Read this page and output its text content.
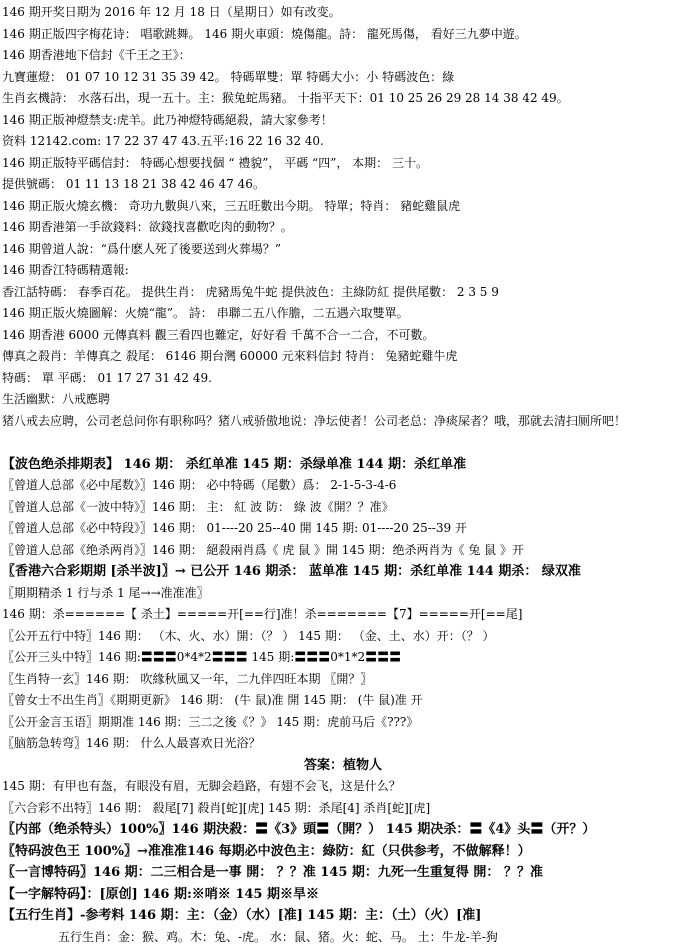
146 期开奖日期为 2016 年 12 月 18 日（星期日）如有改变。
146 期正版四字梅花诗： 唱歌跳舞。 146 期火車頭：燒傷龍。詩： 龍死馬傷， 看好三九夢中遊。
146 期香港地下信封《千王之王》：
九寶蓮燈： 01 07 10 12 31 35 39 42。 特碼單雙：單 特碼大小：小 特碼波色：綠
生肖玄機詩： 水落石出，現一五十。主：猴兔蛇馬豬。 十指平天下：01 10 25 26 29 28 14 38 42 49。
146 期正版神燈禁支:虎羊。此乃神燈特碼絕殺，請大家參考！
资料 12142.com: 17 22 37 47 43.五平:16 22 16 32 40.
146 期正版特平碼信封： 特碼心想要找個 “ 禮貌”， 平碼 “四”， 本期： 三十。
提供號碼： 01 11 13 18 21 38 42 46 47 46。
146 期正版火燒玄機： 奇功九數與八來，三五旺數出今期。 特單；特肖： 豬蛇雞鼠虎
146 期香港第一手欲錢料：欲錢找喜歡吃肉的動物？。
146 期曾道人說：“爲什麽人死了後要送到火葬場？”
146 期香江特碼精選報:
香江話特碼： 春季百花。 提供生肖： 虎豬馬兔牛蛇 提供波色：主綠防紅 提供尾數： 2 3 5 9
146 期正版火燒圖解：火燒“龍”。 詩： 串聯二五八作膽，二五遇六取雙單。
146 期香港 6000 元傳真料 觀三看四也難定，好好看 千萬不合一二合，不可數。
傳真之殺肖：羊傳真之 殺尾： 6146 期台灣 60000 元來料信封 特肖： 兔豬蛇雞牛虎
特碼： 單 平碼： 01 17 27 31 42 49.
生活幽默：八戒應聘
猪八戒去应聘，公司老总问你有职称吗？猪八戒骄傲地说：净坛使者！公司老总：净痰屎者？哦，那就去清扫厕所吧！
【波色绝杀排期表】 146 期： 杀红单准 145 期：杀绿单准 144 期：杀红单准
〖曾道人总部《必中尾数》〗146 期： 必中特碼（尾數）爲： 2-1-5-3-4-6
〖曾道人总部《一波中特》〗146 期： 主： 紅 波 防： 綠 波《開？？准》
〖曾道人总部《必中特段》〗146 期： 01----20 25--40 開 145 期: 01----20 25--39 开
〖曾道人总部《绝杀两肖》〗146 期： 絕殺兩肖爲《 虎 鼠 》開 145 期：绝杀两肖为《 兔 鼠 》开
〖香港六合彩期期 [杀半波]〗→ 已公开 146 期杀： 蓝单准 145 期：杀红单准 144 期杀： 绿双准
〖期期精杀 1 行与杀 1 尾→→准准准〗
146 期：杀======【 杀土】=====开[==行]准！杀=======【7】=====开[==尾]
〖公开五行中特〗146 期： （木、火、水）開：（？ ） 145 期： （金、土、水）开：（？ ）
〖公开三头中特〗146 期:〓〓〓0*4*2〓〓〓 145 期:〓〓〓0*1*2〓〓〓
〖生肖特一玄〗146 期： 吹緣秋風又一年，二九伴四旺本期 〖開？〗
〖曾女士不出生肖〗《期期更新》 146 期： (牛 鼠)准 開 145 期： (牛 鼠)准 开
〖公开金言玉语〗期期准 146 期：三二之後《？》 145 期：虎前马后《???》
〖脑筋急转弯〗146 期： 什么人最喜欢日光浴？
答案：植物人
145 期：有甲也有盔，有眼没有眉，无脚会趋路，有翅不会飞，这是什么？
〖六合彩不出特〗146 期： 殺尾[7] 殺肖[蛇][虎] 145 期：杀尾[4] 杀肖[蛇][虎]
〖内部（绝杀特头）100%〗146 期決殺：〓《3》頭〓（開？） 145 期决杀：〓《4》头〓（开？）
〖特码波色王 100%〗→准准准146 每期必中波色主：綠防：紅（只供参考，不做解释！）
〖一言博特码〗146 期：二三相合是一事 開： ？？准 145 期：九死一生重复得 開： ？？准
【一字解特码】：[原创] 146 期:※哨※ 145 期※旱※
【五行生肖】-参考料 146 期：主：（金）（水）[准] 145 期：主：（土）（火）[准]
五行生肖：金：猴、鸡。木：兔、-虎。 水：鼠、猪。火：蛇、马。 土：牛龙-羊-狗
